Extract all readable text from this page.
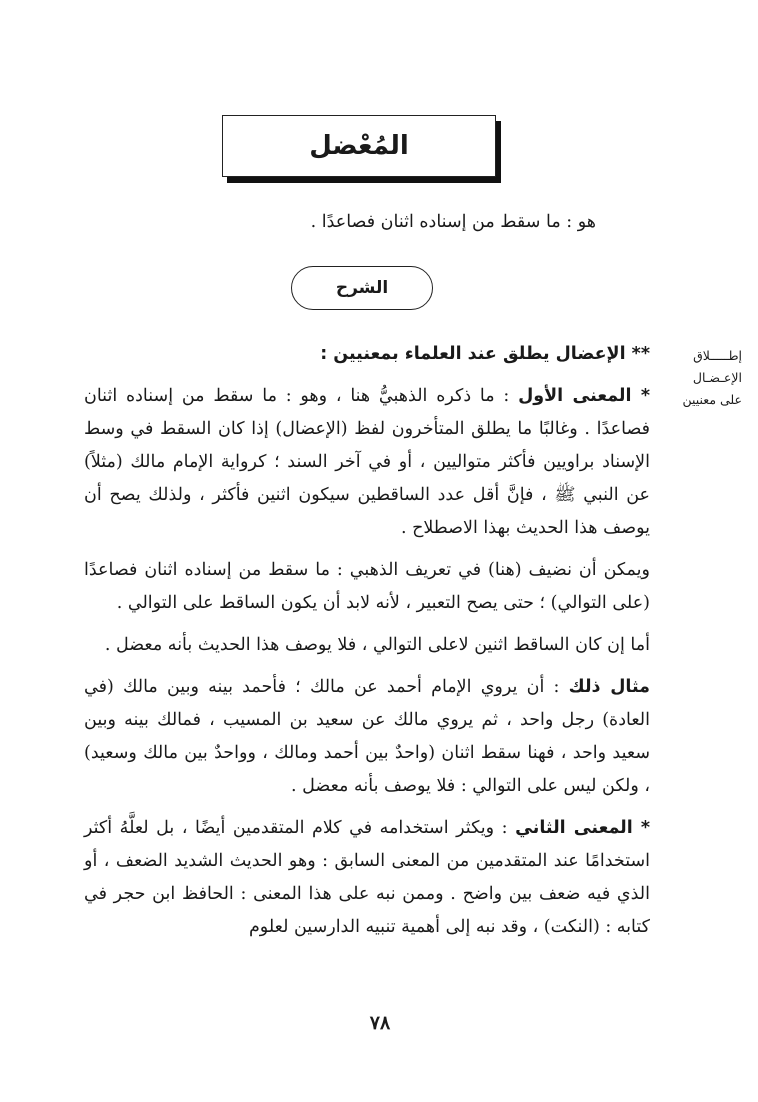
المُعْضل
هو : ما سقط من إسناده اثنان فصاعدًا .
الشرح
إطـــــلاق
الإعـضـال
على معنيين

** الإعضال يطلق عند العلماء بمعنيين :

* المعنى الأول : ما ذكره الذهبيُّ هنا ، وهو : ما سقط من إسناده اثنان فصاعدًا . وغالبًا ما يطلق المتأخرون لفظ (الإعضال) إذا كان السقط في وسط الإسناد براويين فأكثر متواليين ، أو في آخر السند ؛ كرواية الإمام مالك (مثلاً) عن النبي ﷺ ، فإنَّ أقل عدد الساقطين سيكون اثنين فأكثر ، ولذلك يصح أن يوصف هذا الحديث بهذا الاصطلاح .

ويمكن أن نضيف (هنا) في تعريف الذهبي : ما سقط من إسناده اثنان فصاعدًا (على التوالي) ؛ حتى يصح التعبير ، لأنه لابد أن يكون الساقط على التوالي .

أما إن كان الساقط اثنين لاعلى التوالي ، فلا يوصف هذا الحديث بأنه معضل .

مثال ذلك : أن يروي الإمام أحمد عن مالك ؛ فأحمد بينه وبين مالك (في العادة) رجل واحد ، ثم يروي مالك عن سعيد بن المسيب ، فمالك بينه وبين سعيد واحد ، فهنا سقط اثنان (واحدٌ بين أحمد ومالك ، وواحدٌ بين مالك وسعيد) ، ولكن ليس على التوالي : فلا يوصف بأنه معضل .

* المعنى الثاني : ويكثر استخدامه في كلام المتقدمين أيضًا ، بل لعلَّهُ أكثر استخدامًا عند المتقدمين من المعنى السابق : وهو الحديث الشديد الضعف ، أو الذي فيه ضعف بين واضح . وممن نبه على هذا المعنى : الحافظ ابن حجر في كتابه : (النكت) ، وقد نبه إلى أهمية تنبيه الدارسين لعلوم

٧٨
